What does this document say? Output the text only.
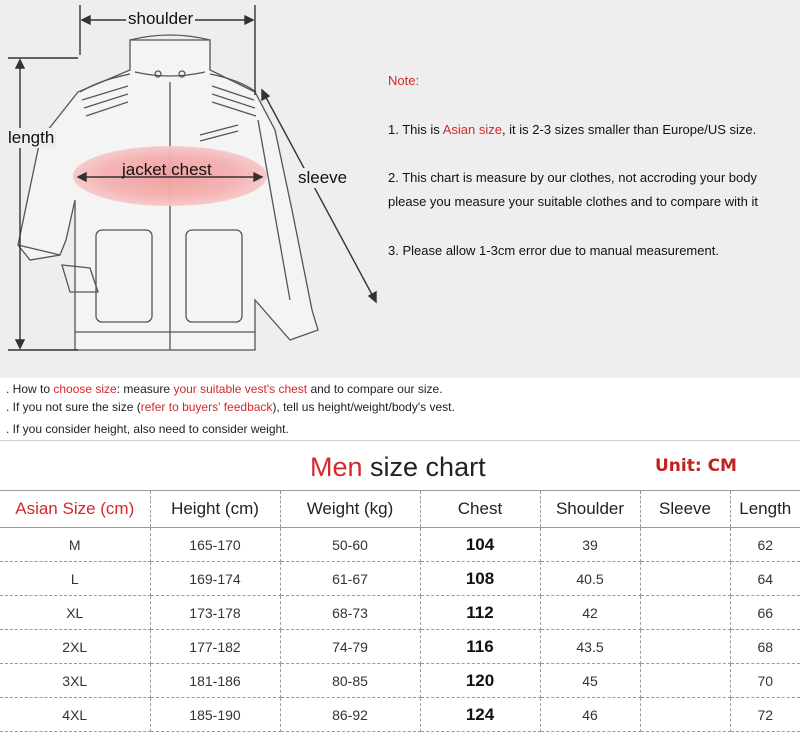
shoulder
length
jacket chest	sleeve
Note:
1. This is Asian size, it is 2-3 sizes smaller than Europe/US size.
2. This chart is measure by our clothes, not accroding your body
please you measure your suitable clothes and to compare with it
3. Please allow 1-3cm error due to manual measurement.
. How to choose size: measure your suitable vest's chest and to compare our size.
. If you not sure the size (refer to buyers' feedback), tell us height/weight/body's vest.
. If you consider height, also need to consider weight.
Men size chart	Unit: CM
Asian Size (cm)	Height (cm)	Weight (kg)	Chest	Shoulder	Sleeve	Length
M	165-170	50-60	104	39		62
L	169-174	61-67	108	40.5		64
XL	173-178	68-73	112	42		66
2XL	177-182	74-79	116	43.5		68
3XL	181-186	80-85	120	45		70
4XL	185-190	86-92	124	46		72
